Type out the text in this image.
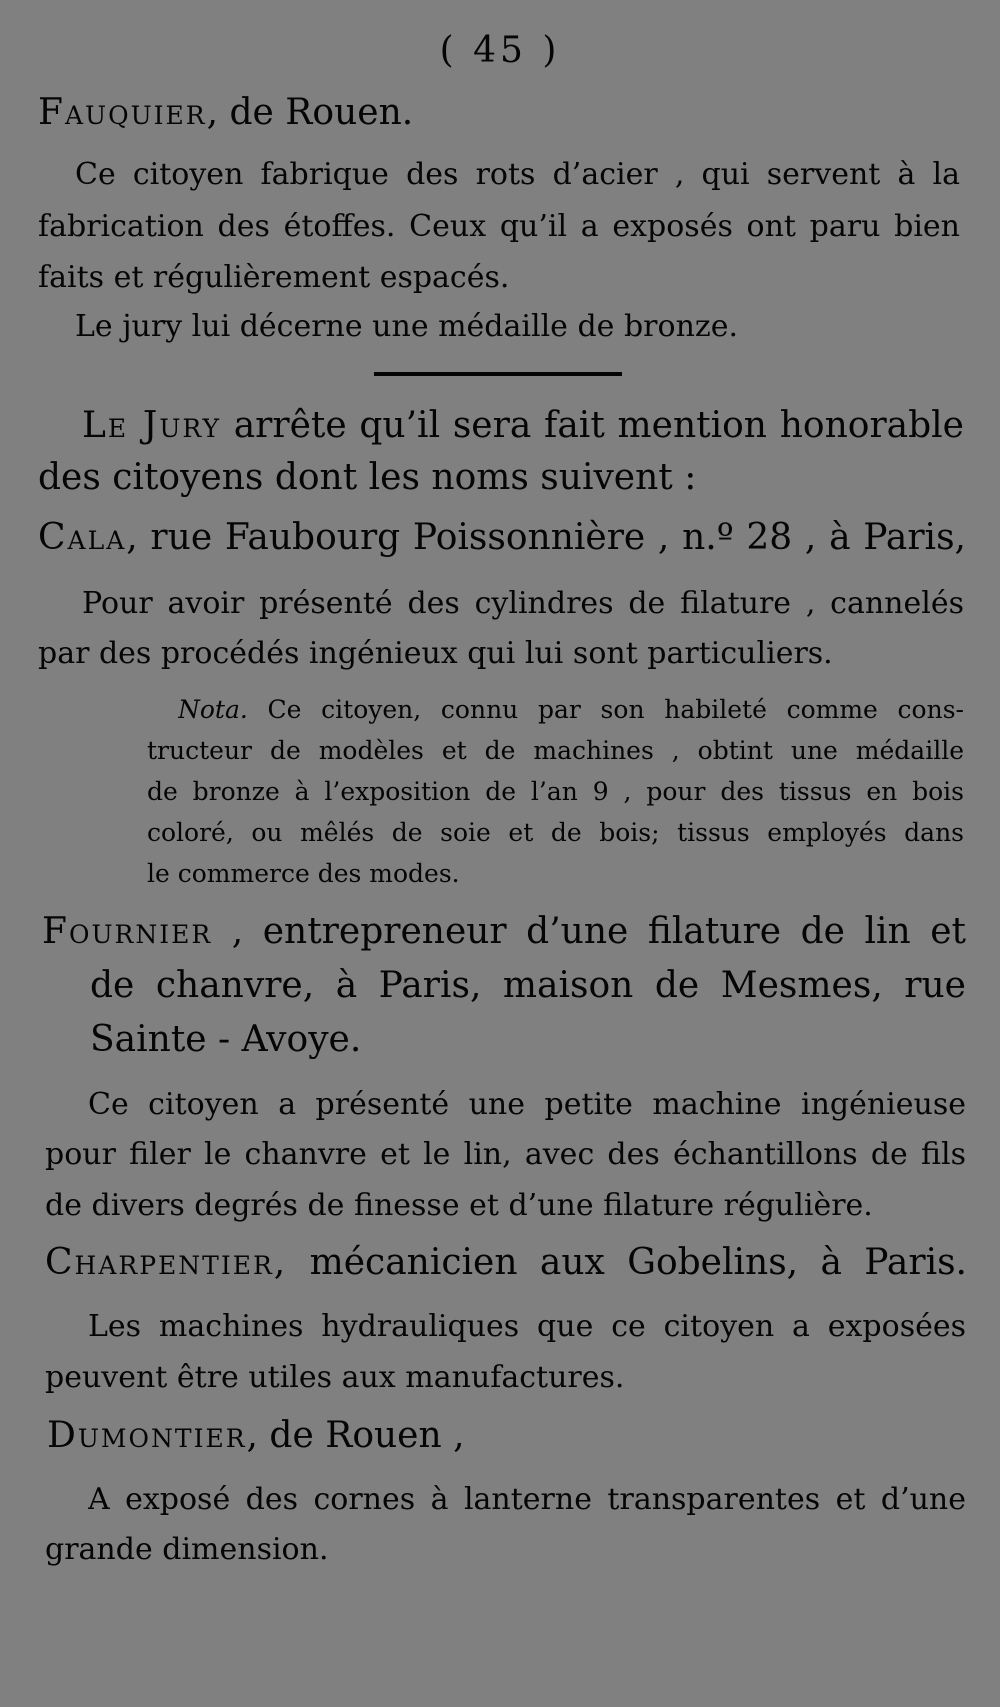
( 45 )
Fauquier, de Rouen.
Ce citoyen fabrique des rots d’acier , qui servent à la
fabrication des étoffes. Ceux qu’il a exposés ont paru bien
faits et régulièrement espacés.
Le jury lui décerne une médaille de bronze.
Le Jury arrête qu’il sera fait mention honorable
des citoyens dont les noms suivent :
Cala, rue Faubourg Poissonnière , n.º 28 , à Paris,
Pour avoir présenté des cylindres de filature , cannelés
par des procédés ingénieux qui lui sont particuliers.
Nota. Ce citoyen, connu par son habileté comme cons-
tructeur de modèles et de machines , obtint une médaille
de bronze à l’exposition de l’an 9 , pour des tissus en bois
coloré, ou mêlés de soie et de bois; tissus employés dans
le commerce des modes.
Fournier , entrepreneur d’une filature de lin et
de chanvre, à Paris, maison de Mesmes, rue
Sainte - Avoye.
Ce citoyen a présenté une petite machine ingénieuse
pour filer le chanvre et le lin, avec des échantillons de fils
de divers degrés de finesse et d’une filature régulière.
Charpentier, mécanicien aux Gobelins, à Paris.
Les machines hydrauliques que ce citoyen a exposées
peuvent être utiles aux manufactures.
Dumontier, de Rouen ,
A exposé des cornes à lanterne transparentes et d’une
grande dimension.
